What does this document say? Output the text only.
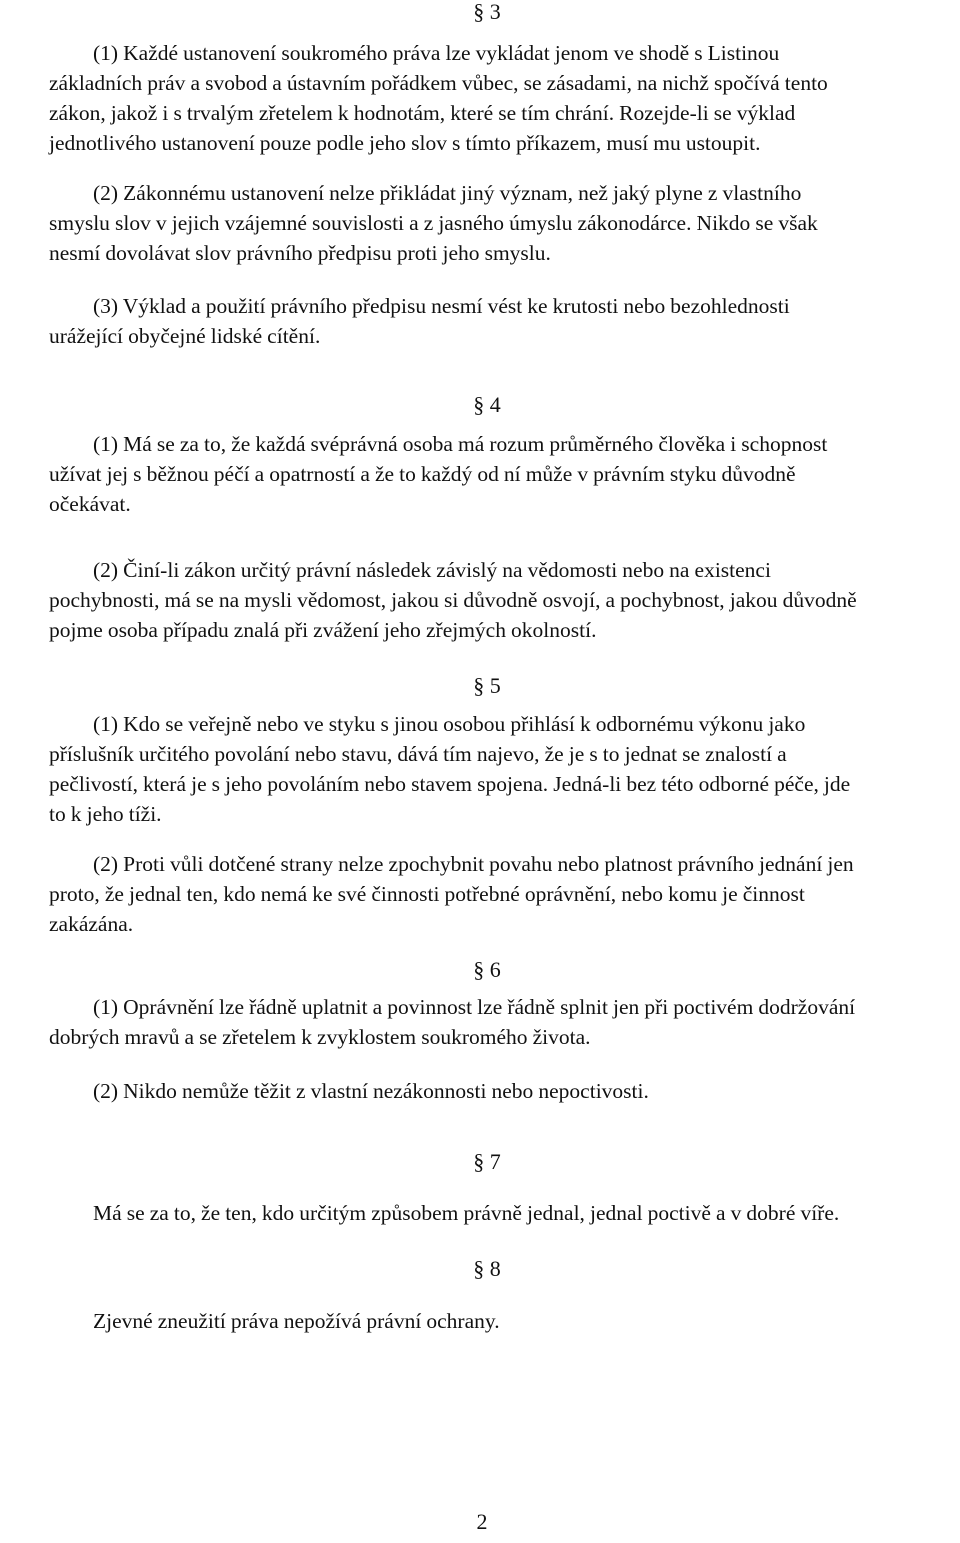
§ 3
(1) Každé ustanovení soukromého práva lze vykládat jenom ve shodě s Listinou
základních práv a svobod a ústavním pořádkem vůbec, se zásadami, na nichž spočívá tento
zákon, jakož i s trvalým zřetelem k hodnotám, které se tím chrání. Rozejde-li se výklad
jednotlivého ustanovení pouze podle jeho slov s tímto příkazem, musí mu ustoupit.
(2) Zákonnému ustanovení nelze přikládat jiný význam, než jaký plyne z vlastního
smyslu slov v jejich vzájemné souvislosti a z jasného úmyslu zákonodárce. Nikdo se však
nesmí dovolávat slov právního předpisu proti jeho smyslu.
(3) Výklad a použití právního předpisu nesmí vést ke krutosti nebo bezohlednosti
urážející obyčejné lidské cítění.
§ 4
(1) Má se za to, že každá svéprávná osoba má rozum průměrného člověka i schopnost
užívat jej s běžnou péčí a opatrností a že to každý od ní může v právním styku důvodně
očekávat.
(2) Činí-li zákon určitý právní následek závislý na vědomosti nebo na existenci
pochybnosti, má se na mysli vědomost, jakou si důvodně osvojí, a pochybnost, jakou důvodně
pojme osoba případu znalá při zvážení jeho zřejmých okolností.
§ 5
(1) Kdo se veřejně nebo ve styku s jinou osobou přihlásí k odbornému výkonu jako
příslušník určitého povolání nebo stavu, dává tím najevo, že je s to jednat se znalostí a
pečlivostí, která je s jeho povoláním nebo stavem spojena. Jedná-li bez této odborné péče, jde
to k jeho tíži.
(2) Proti vůli dotčené strany nelze zpochybnit povahu nebo platnost právního jednání jen
proto, že jednal ten, kdo nemá ke své činnosti potřebné oprávnění, nebo komu je činnost
zakázána.
§ 6
(1) Oprávnění lze řádně uplatnit a povinnost lze řádně splnit jen při poctivém dodržování
dobrých mravů a se zřetelem k zvyklostem soukromého života.
(2) Nikdo nemůže těžit z vlastní nezákonnosti nebo nepoctivosti.
§ 7
Má se za to, že ten, kdo určitým způsobem právně jednal, jednal poctivě a v dobré víře.
§ 8
Zjevné zneužití práva nepožívá právní ochrany.
2
